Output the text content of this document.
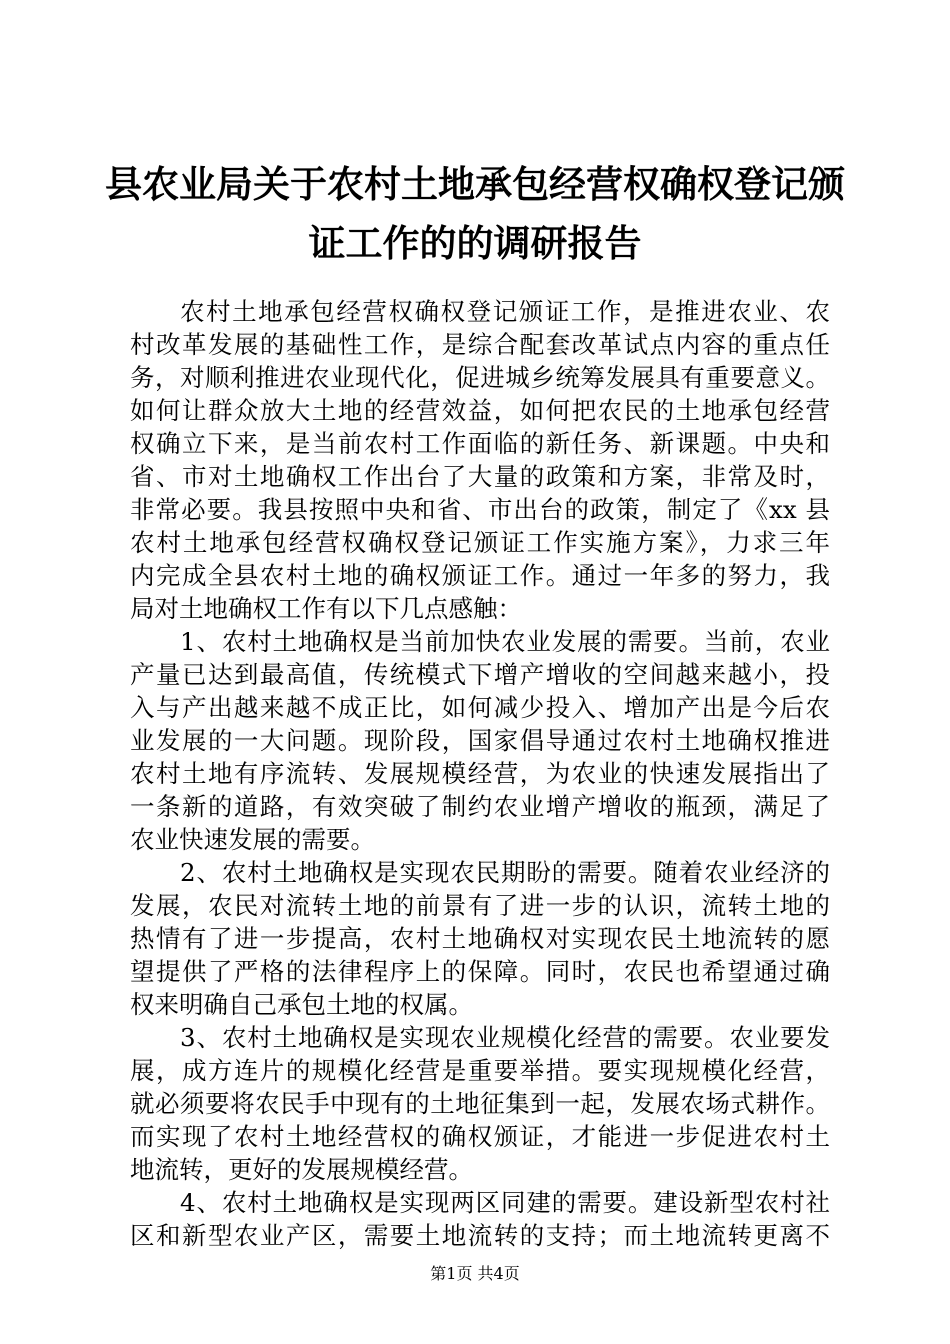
县农业局关于农村土地承包经营权确权登记颁
证工作的的调研报告
农村土地承包经营权确权登记颁证工作，是推进农业、农
村改革发展的基础性工作，是综合配套改革试点内容的重点任
务，对顺利推进农业现代化，促进城乡统筹发展具有重要意义。
如何让群众放大土地的经营效益，如何把农民的土地承包经营
权确立下来，是当前农村工作面临的新任务、新课题。中央和
省、市对土地确权工作出台了大量的政策和方案，非常及时，
非常必要。我县按照中央和省、市出台的政策，制定了《xx 县
农村土地承包经营权确权登记颁证工作实施方案》，力求三年
内完成全县农村土地的确权颁证工作。通过一年多的努力，我
局对土地确权工作有以下几点感触：
1、农村土地确权是当前加快农业发展的需要。当前，农业
产量已达到最高值，传统模式下增产增收的空间越来越小，投
入与产出越来越不成正比，如何减少投入、增加产出是今后农
业发展的一大问题。现阶段，国家倡导通过农村土地确权推进
农村土地有序流转、发展规模经营，为农业的快速发展指出了
一条新的道路，有效突破了制约农业增产增收的瓶颈，满足了
农业快速发展的需要。
2、农村土地确权是实现农民期盼的需要。随着农业经济的
发展，农民对流转土地的前景有了进一步的认识，流转土地的
热情有了进一步提高，农村土地确权对实现农民土地流转的愿
望提供了严格的法律程序上的保障。同时，农民也希望通过确
权来明确自己承包土地的权属。
3、农村土地确权是实现农业规模化经营的需要。农业要发
展，成方连片的规模化经营是重要举措。要实现规模化经营，
就必须要将农民手中现有的土地征集到一起，发展农场式耕作。
而实现了农村土地经营权的确权颁证，才能进一步促进农村土
地流转，更好的发展规模经营。
4、农村土地确权是实现两区同建的需要。建设新型农村社
区和新型农业产区，需要土地流转的支持；而土地流转更离不
第1页 共4页
